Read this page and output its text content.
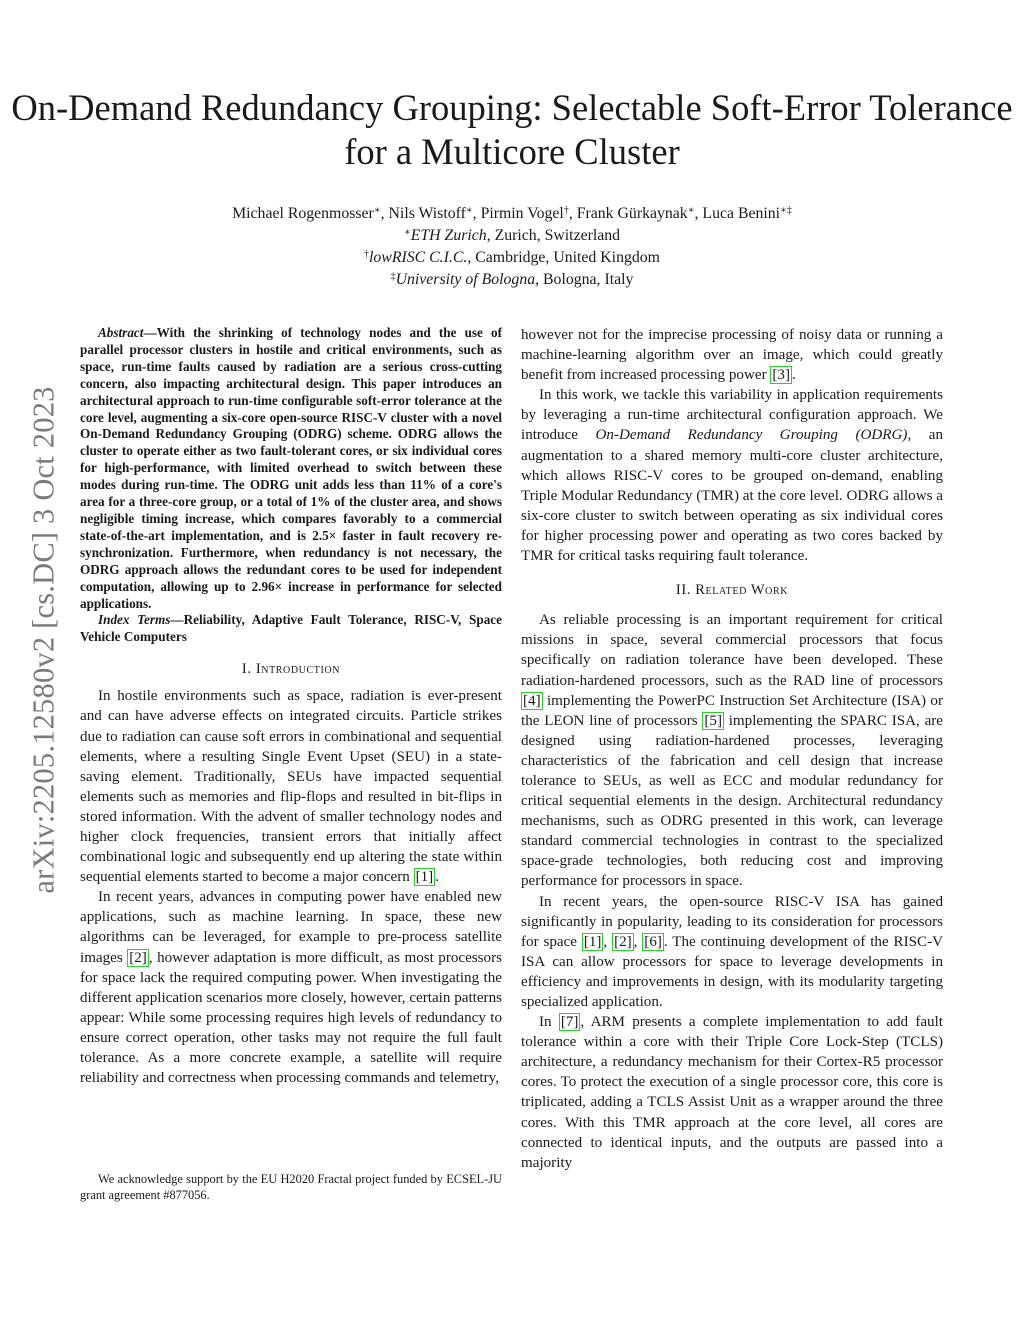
arXiv:2205.12580v2 [cs.DC] 3 Oct 2023
On-Demand Redundancy Grouping: Selectable Soft-Error Tolerance for a Multicore Cluster
Michael Rogenmosser∗, Nils Wistoff∗, Pirmin Vogel†, Frank Gürkaynak∗, Luca Benini∗‡
∗ETH Zurich, Zurich, Switzerland
†lowRISC C.I.C., Cambridge, United Kingdom
‡University of Bologna, Bologna, Italy

Abstract—With the shrinking of technology nodes and the use of parallel processor clusters in hostile and critical environments, such as space, run-time faults caused by radiation are a serious cross-cutting concern, also impacting architectural design. This paper introduces an architectural approach to run-time configurable soft-error tolerance at the core level, augmenting a six-core open-source RISC-V cluster with a novel On-Demand Redundancy Grouping (ODRG) scheme. ODRG allows the cluster to operate either as two fault-tolerant cores, or six individual cores for high-performance, with limited overhead to switch between these modes during run-time. The ODRG unit adds less than 11% of a core's area for a three-core group, or a total of 1% of the cluster area, and shows negligible timing increase, which compares favorably to a commercial state-of-the-art implementation, and is 2.5× faster in fault recovery re-synchronization. Furthermore, when redundancy is not necessary, the ODRG approach allows the redundant cores to be used for independent computation, allowing up to 2.96× increase in performance for selected applications.

Index Terms—Reliability, Adaptive Fault Tolerance, RISC-V, Space Vehicle Computers

I. Introduction

In hostile environments such as space, radiation is ever-present and can have adverse effects on integrated circuits. Particle strikes due to radiation can cause soft errors in combinational and sequential elements, where a resulting Single Event Upset (SEU) in a state-saving element. Traditionally, SEUs have impacted sequential elements such as memories and flip-flops and resulted in bit-flips in stored information. With the advent of smaller technology nodes and higher clock frequencies, transient errors that initially affect combinational logic and subsequently end up altering the state within sequential elements started to become a major concern [1] .

In recent years, advances in computing power have enabled new applications, such as machine learning. In space, these new algorithms can be leveraged, for example to pre-process satellite images [2] , however adaptation is more difficult, as most processors for space lack the required computing power. When investigating the different application scenarios more closely, however, certain patterns appear: While some processing requires high levels of redundancy to ensure correct operation, other tasks may not require the full fault tolerance. As a more concrete example, a satellite will require reliability and correctness when processing commands and telemetry,

We acknowledge support by the EU H2020 Fractal project funded by ECSEL-JU grant agreement #877056.

however not for the imprecise processing of noisy data or running a machine-learning algorithm over an image, which could greatly benefit from increased processing power [3] .

In this work, we tackle this variability in application requirements by leveraging a run-time architectural configuration approach. We introduce On-Demand Redundancy Grouping (ODRG), an augmentation to a shared memory multi-core cluster architecture, which allows RISC-V cores to be grouped on-demand, enabling Triple Modular Redundancy (TMR) at the core level. ODRG allows a six-core cluster to switch between operating as six individual cores for higher processing power and operating as two cores backed by TMR for critical tasks requiring fault tolerance.

II. Related Work

As reliable processing is an important requirement for critical missions in space, several commercial processors that focus specifically on radiation tolerance have been developed. These radiation-hardened processors, such as the RAD line of processors [4] implementing the PowerPC Instruction Set Architecture (ISA) or the LEON line of processors [5] implementing the SPARC ISA, are designed using radiation-hardened processes, leveraging characteristics of the fabrication and cell design that increase tolerance to SEUs, as well as ECC and modular redundancy for critical sequential elements in the design. Architectural redundancy mechanisms, such as ODRG presented in this work, can leverage standard commercial technologies in contrast to the specialized space-grade technologies, both reducing cost and improving performance for processors in space.

In recent years, the open-source RISC-V ISA has gained significantly in popularity, leading to its consideration for processors for space [1] , [2] , [6] . The continuing development of the RISC-V ISA can allow processors for space to leverage developments in efficiency and improvements in design, with its modularity targeting specialized application.

In [7] , ARM presents a complete implementation to add fault tolerance within a core with their Triple Core Lock-Step (TCLS) architecture, a redundancy mechanism for their Cortex-R5 processor cores. To protect the execution of a single processor core, this core is triplicated, adding a TCLS Assist Unit as a wrapper around the three cores. With this TMR approach at the core level, all cores are connected to identical inputs, and the outputs are passed into a majority
